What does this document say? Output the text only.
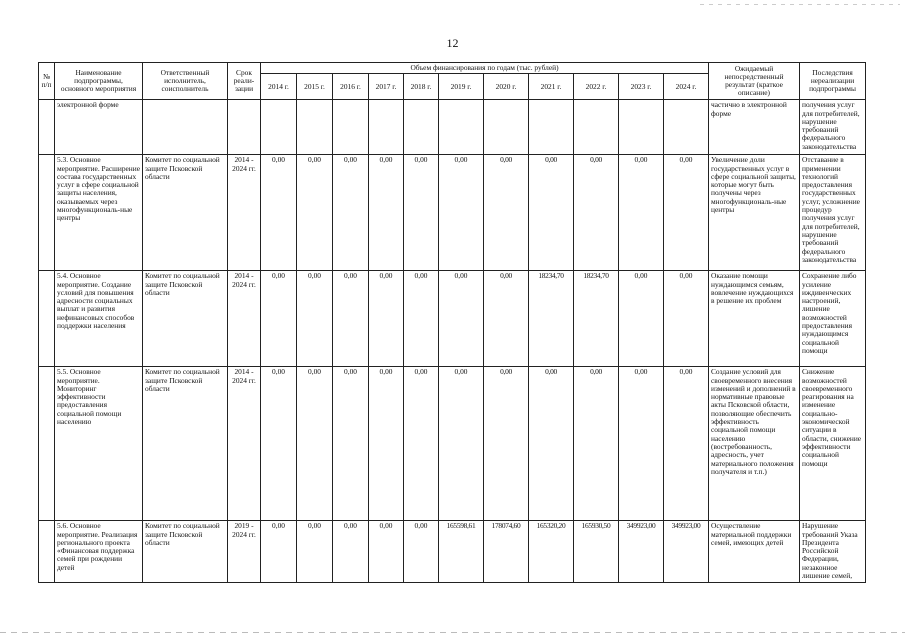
12
№ п/п	Наименование подпрограммы, основного мероприятия	Ответственный исполнитель, соисполнитель	Срок реали-зации	Объем финансирования по годам (тыс. рублей)											Ожидаемый непосредственный результат (краткое описание)	Последствия нереализации подпрограммы
				2014 г.	2015 г.	2016 г.	2017 г.	2018 г.	2019 г.	2020 г.	2021 г.	2022 г.	2023 г.	2024 г.		
	электронной форме														частично в электронной форме	получения услуг для потребителей, нарушение требований федерального законодательства
	5.3. Основное мероприятие. Расширение состава государственных услуг в сфере социальной защиты населения, оказываемых через многофункциональ-ные центры	Комитет по социальной защите Псковской области	2014 - 2024 гг.	0,00	0,00	0,00	0,00	0,00	0,00	0,00	0,00	0,00	0,00	0,00	Увеличение доли государственных услуг в сфере социальной защиты, которые могут быть получены через многофункциональ-ные центры	Отставание в применении технологий предоставления государственных услуг, усложнение процедур получения услуг для потребителей, нарушение требований федерального законодательства
	5.4. Основное мероприятие. Создание условий для повышения адресности социальных выплат и развития нефинансовых способов поддержки населения	Комитет по социальной защите Псковской области	2014 - 2024 гг.	0,00	0,00	0,00	0,00	0,00	0,00	0,00	18234,70	18234,70	0,00	0,00	Оказание помощи нуждающимся семьям, вовлечение нуждающихся в решение их проблем	Сохранение либо усиление иждивенческих настроений, лишение возможностей предоставления нуждающимся социальной помощи
	5.5. Основное мероприятие. Мониторинг эффективности предоставления социальной помощи населению	Комитет по социальной защите Псковской области	2014 - 2024 гг.	0,00	0,00	0,00	0,00	0,00	0,00	0,00	0,00	0,00	0,00	0,00	Создание условий для своевременного внесения изменений и дополнений в нормативные правовые акты Псковской области, позволяющие обеспечить эффективность социальной помощи населению (востребованность, адресность, учет материального положения получателя и т.п.)	Снижение возможностей своевременного реагирования на изменение социально-экономической ситуации в области, снижение эффективности социальной помощи
	5.6. Основное мероприятие. Реализация регионального проекта «Финансовая поддержка семей при рождении детей	Комитет по социальной защите Псковской области	2019 - 2024 гг.	0,00	0,00	0,00	0,00	0,00	165598,61	178074,60	165320,20	165930,50	349923,00	349923,00	Осуществление материальной поддержки семей, имеющих детей	Нарушение требований Указа Президента Российской Федерации, незаконное лишение семей,
